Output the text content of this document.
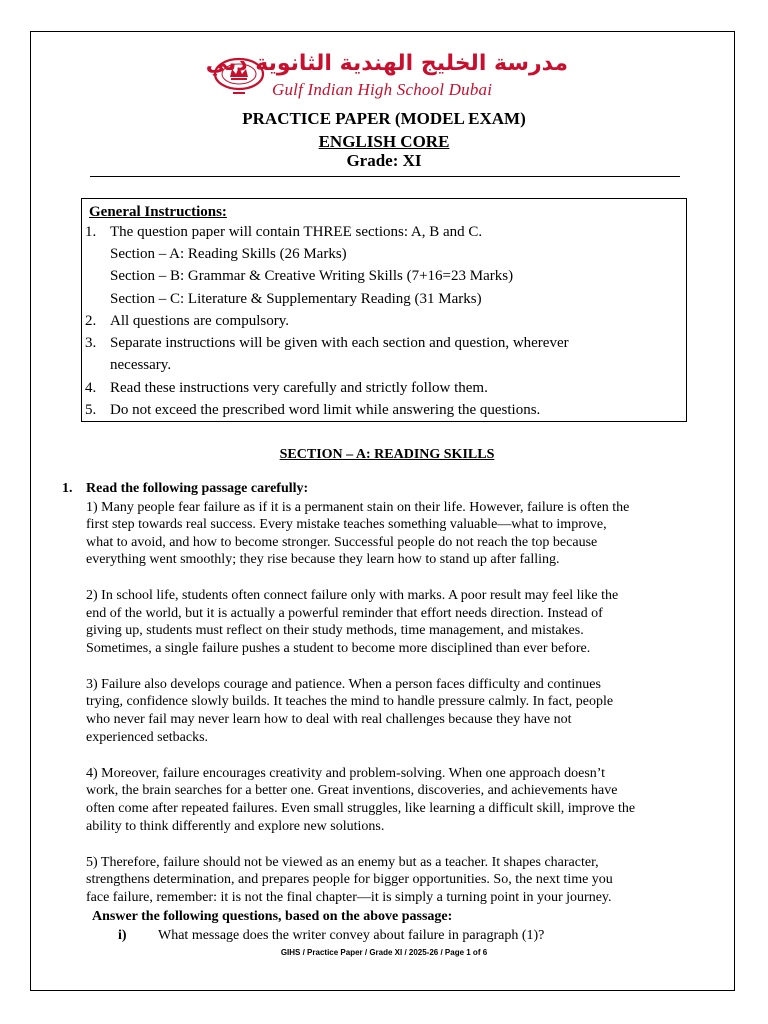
مدرسة الخليج الهندية الثانوية دبي
Gulf Indian High School Dubai
PRACTICE PAPER (MODEL EXAM)
ENGLISH CORE
Grade: XI
General Instructions:
1. The question paper will contain THREE sections: A, B and C.
Section – A: Reading Skills (26 Marks)
Section – B: Grammar & Creative Writing Skills (7+16=23 Marks)
Section – C: Literature & Supplementary Reading (31 Marks)
2. All questions are compulsory.
3. Separate instructions will be given with each section and question, wherever
necessary.
4. Read these instructions very carefully and strictly follow them.
5. Do not exceed the prescribed word limit while answering the questions.
SECTION – A: READING SKILLS
1. Read the following passage carefully:
1) Many people fear failure as if it is a permanent stain on their life. However, failure is often the
first step towards real success. Every mistake teaches something valuable—what to improve,
what to avoid, and how to become stronger. Successful people do not reach the top because
everything went smoothly; they rise because they learn how to stand up after falling.
2) In school life, students often connect failure only with marks. A poor result may feel like the
end of the world, but it is actually a powerful reminder that effort needs direction. Instead of
giving up, students must reflect on their study methods, time management, and mistakes.
Sometimes, a single failure pushes a student to become more disciplined than ever before.
3) Failure also develops courage and patience. When a person faces difficulty and continues
trying, confidence slowly builds. It teaches the mind to handle pressure calmly. In fact, people
who never fail may never learn how to deal with real challenges because they have not
experienced setbacks.
4) Moreover, failure encourages creativity and problem-solving. When one approach doesn’t
work, the brain searches for a better one. Great inventions, discoveries, and achievements have
often come after repeated failures. Even small struggles, like learning a difficult skill, improve the
ability to think differently and explore new solutions.
5) Therefore, failure should not be viewed as an enemy but as a teacher. It shapes character,
strengthens determination, and prepares people for bigger opportunities. So, the next time you
face failure, remember: it is not the final chapter—it is simply a turning point in your journey.
Answer the following questions, based on the above passage:
i) What message does the writer convey about failure in paragraph (1)?
GIHS / Practice Paper / Grade XI / 2025-26 / Page 1 of 6
